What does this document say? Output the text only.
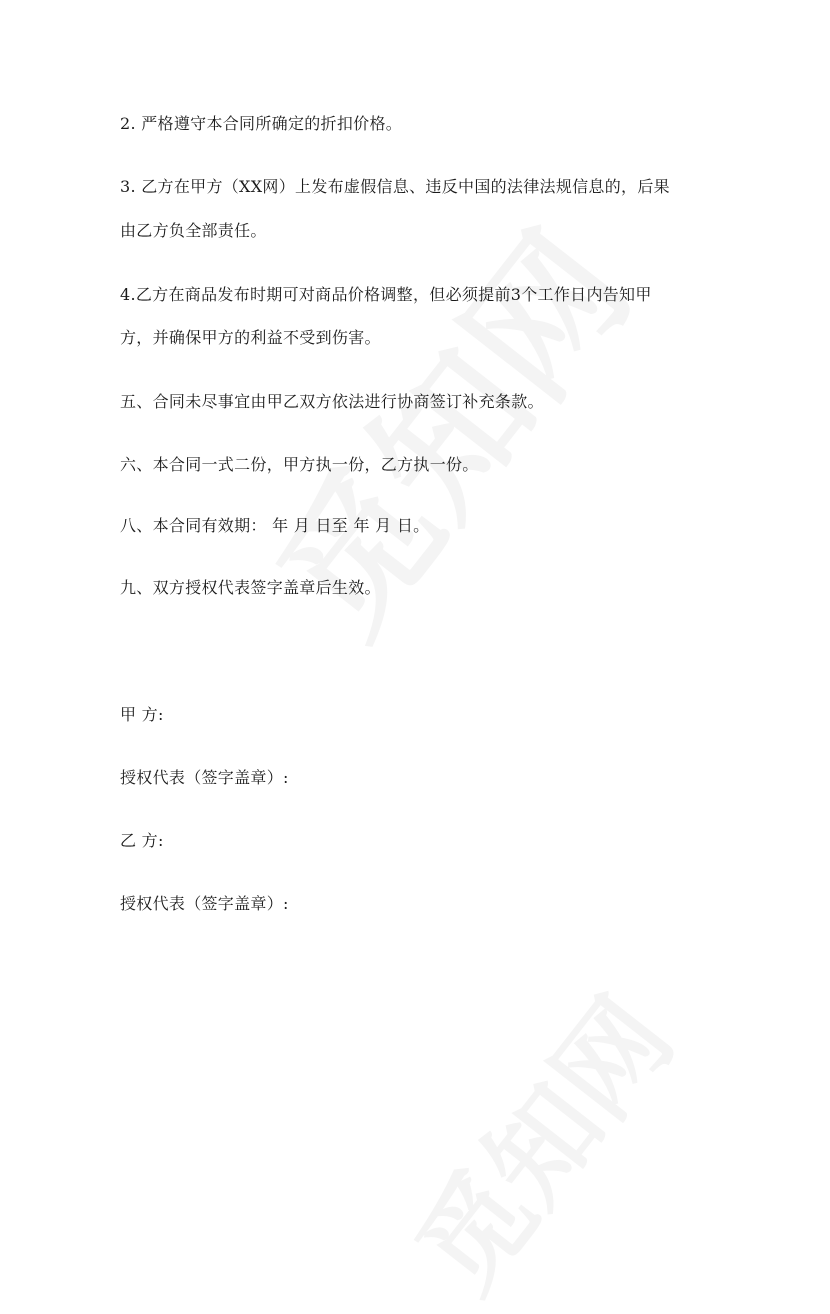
2. 严格遵守本合同所确定的折扣价格。
3. 乙方在甲方（XX网）上发布虚假信息、违反中国的法律法规信息的，后果
由乙方负全部责任。
4.乙方在商品发布时期可对商品价格调整，但必须提前3个工作日内告知甲
方，并确保甲方的利益不受到伤害。
五、合同未尽事宜由甲乙双方依法进行协商签订补充条款。
六、本合同一式二份，甲方执一份，乙方执一份。
八、本合同有效期： 年 月 日至 年 月 日。
九、双方授权代表签字盖章后生效。
甲 方:
授权代表（签字盖章）:
乙 方:
授权代表（签字盖章）:
